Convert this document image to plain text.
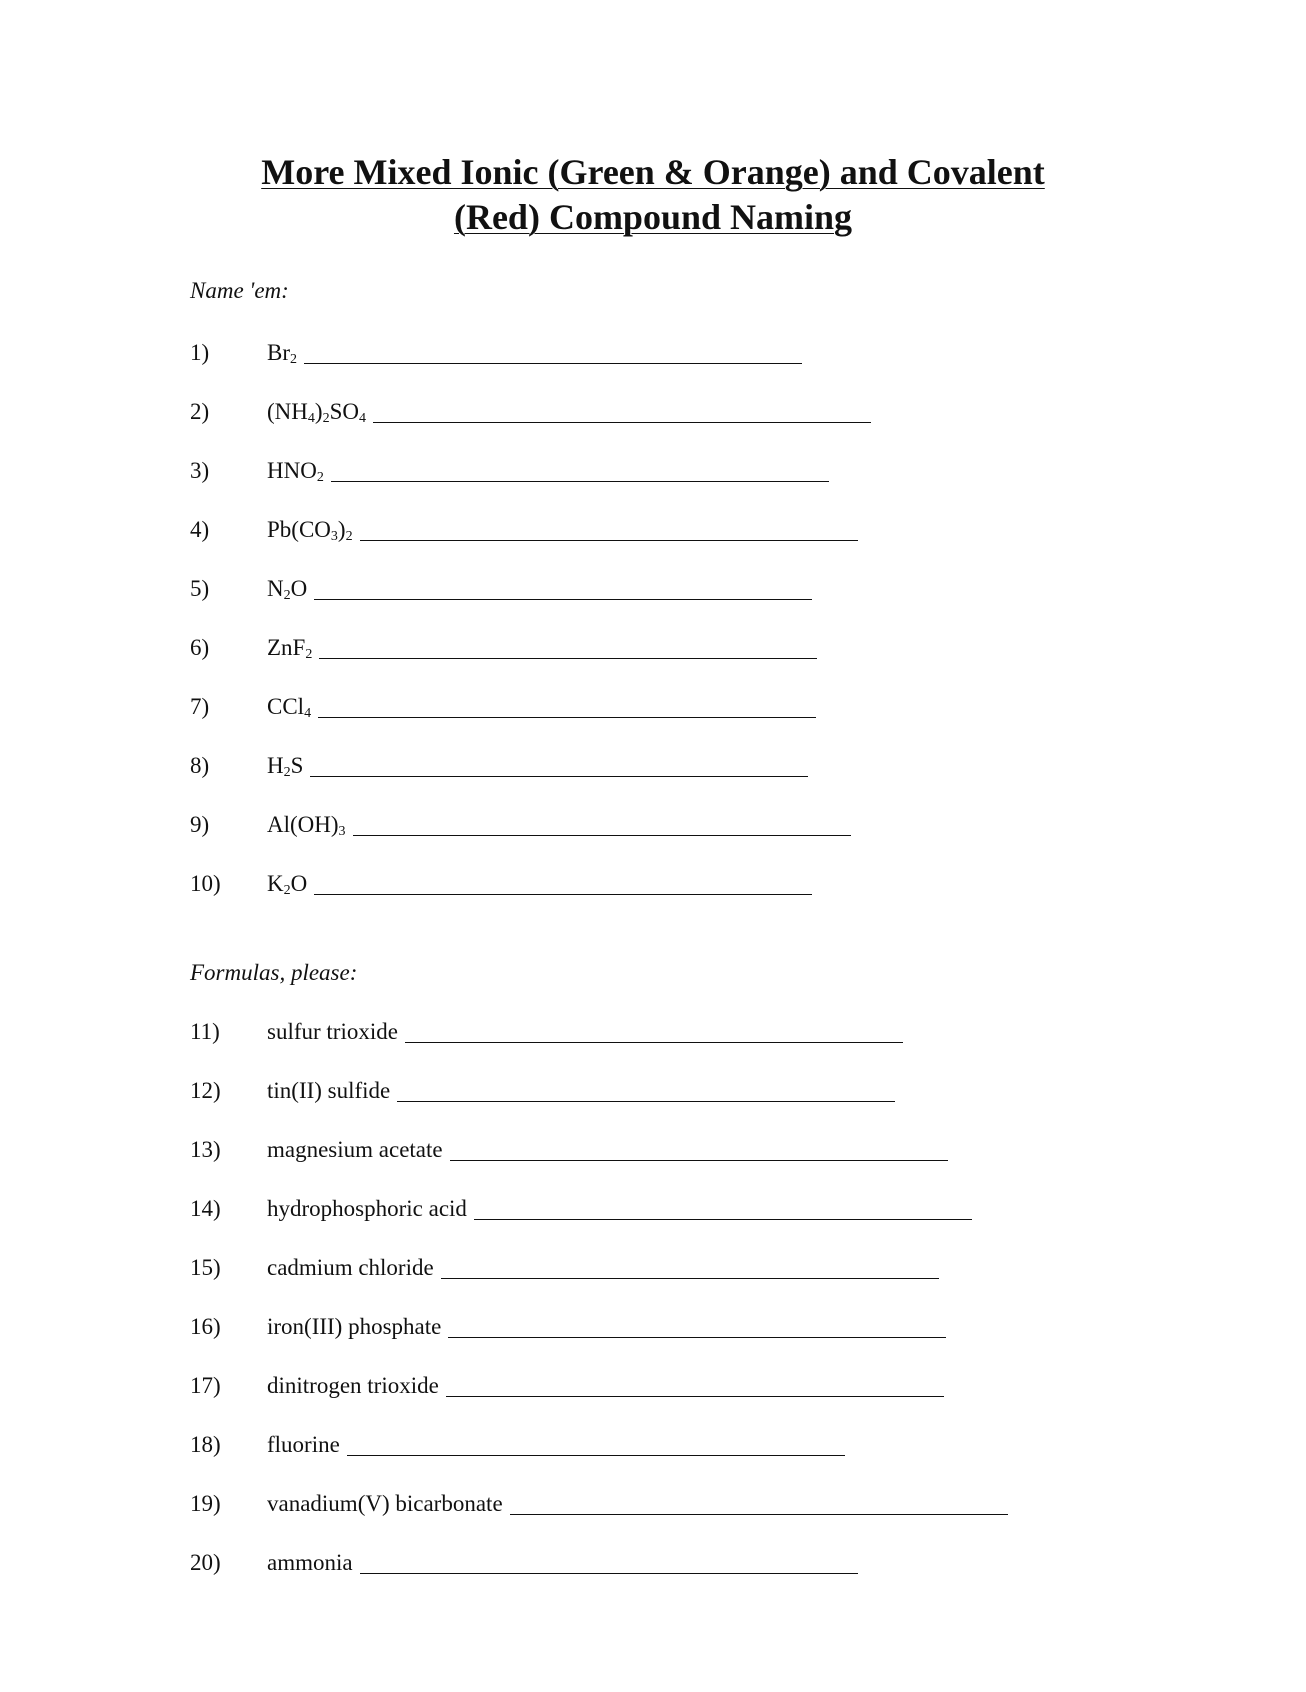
More Mixed Ionic (Green & Orange) and Covalent
(Red) Compound Naming
Name 'em:
1)	$Br_2$
2)	$(NH_4)_2SO_4$
3)	$HNO_2$
4)	$Pb(CO_3)_2$
5)	$N_2O$
6)	ZnF$_2$
7)	CCl$_4$
8)	$H_2S$
9)	$Al(OH)_3$
10)	$K_2O$
Formulas, please:
11)	sulfur trioxide
12)	tin(II) sulfide
13)	magnesium acetate
14)	hydrophosphoric acid
15)	cadmium chloride
16)	iron(III) phosphate
17)	dinitrogen trioxide
18)	fluorine
19)	vanadium(V) bicarbonate
20)	ammonia
